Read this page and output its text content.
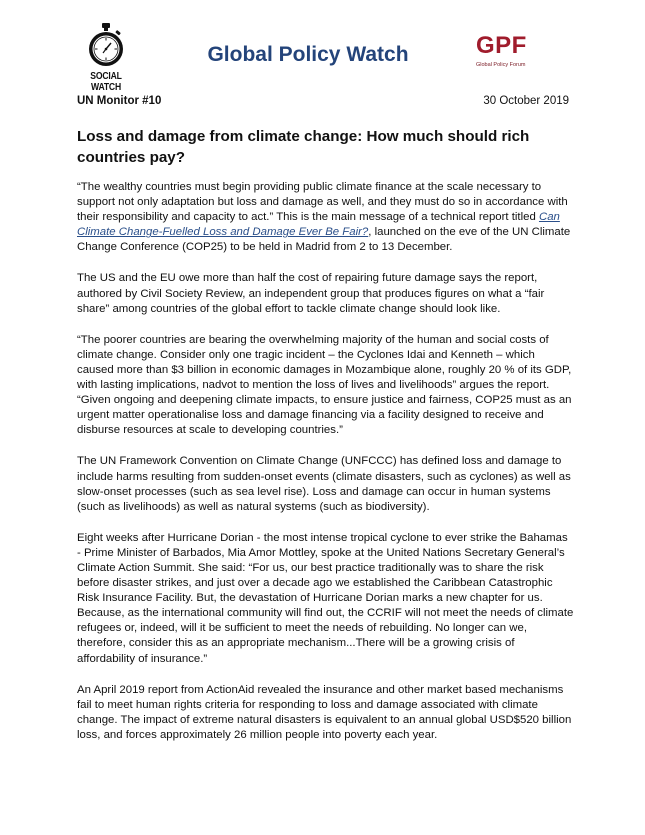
SOCIAL WATCH
Global Policy Watch	GPF
Global Policy Forum
UN Monitor #10	30 October 2019
Loss and damage from climate change: How much should rich countries pay?

“The wealthy countries must begin providing public climate finance at the scale necessary to support not only adaptation but loss and damage as well, and they must do so in accordance with their responsibility and capacity to act.” This is the main message of a technical report titled Can Climate Change-Fuelled Loss and Damage Ever Be Fair?, launched on the eve of the UN Climate Change Conference (COP25) to be held in Madrid from 2 to 13 December.

The US and the EU owe more than half the cost of repairing future damage says the report, authored by Civil Society Review, an independent group that produces figures on what a “fair share” among countries of the global effort to tackle climate change should look like.

“The poorer countries are bearing the overwhelming majority of the human and social costs of climate change. Consider only one tragic incident – the Cyclones Idai and Kenneth – which caused more than $3 billion in economic damages in Mozambique alone, roughly 20 % of its GDP, with lasting implications, nadvot to mention the loss of lives and livelihoods” argues the report. “Given ongoing and deepening climate impacts, to ensure justice and fairness, COP25 must as an urgent matter operationalise loss and damage financing via a facility designed to receive and disburse resources at scale to developing countries.”

The UN Framework Convention on Climate Change (UNFCCC) has defined loss and damage to include harms resulting from sudden-onset events (climate disasters, such as cyclones) as well as slow-onset processes (such as sea level rise). Loss and damage can occur in human systems (such as livelihoods) as well as natural systems (such as biodiversity).

Eight weeks after Hurricane Dorian - the most intense tropical cyclone to ever strike the Bahamas - Prime Minister of Barbados, Mia Amor Mottley, spoke at the United Nations Secretary General’s Climate Action Summit. She said: “For us, our best practice traditionally was to share the risk before disaster strikes, and just over a decade ago we established the Caribbean Catastrophic Risk Insurance Facility. But, the devastation of Hurricane Dorian marks a new chapter for us. Because, as the international community will find out, the CCRIF will not meet the needs of climate refugees or, indeed, will it be sufficient to meet the needs of rebuilding. No longer can we, therefore, consider this as an appropriate mechanism...There will be a growing crisis of affordability of insurance.”

An April 2019 report from ActionAid revealed the insurance and other market based mechanisms fail to meet human rights criteria for responding to loss and damage associated with climate change. The impact of extreme natural disasters is equivalent to an annual global USD$520 billion loss, and forces approximately 26 million people into poverty each year.
